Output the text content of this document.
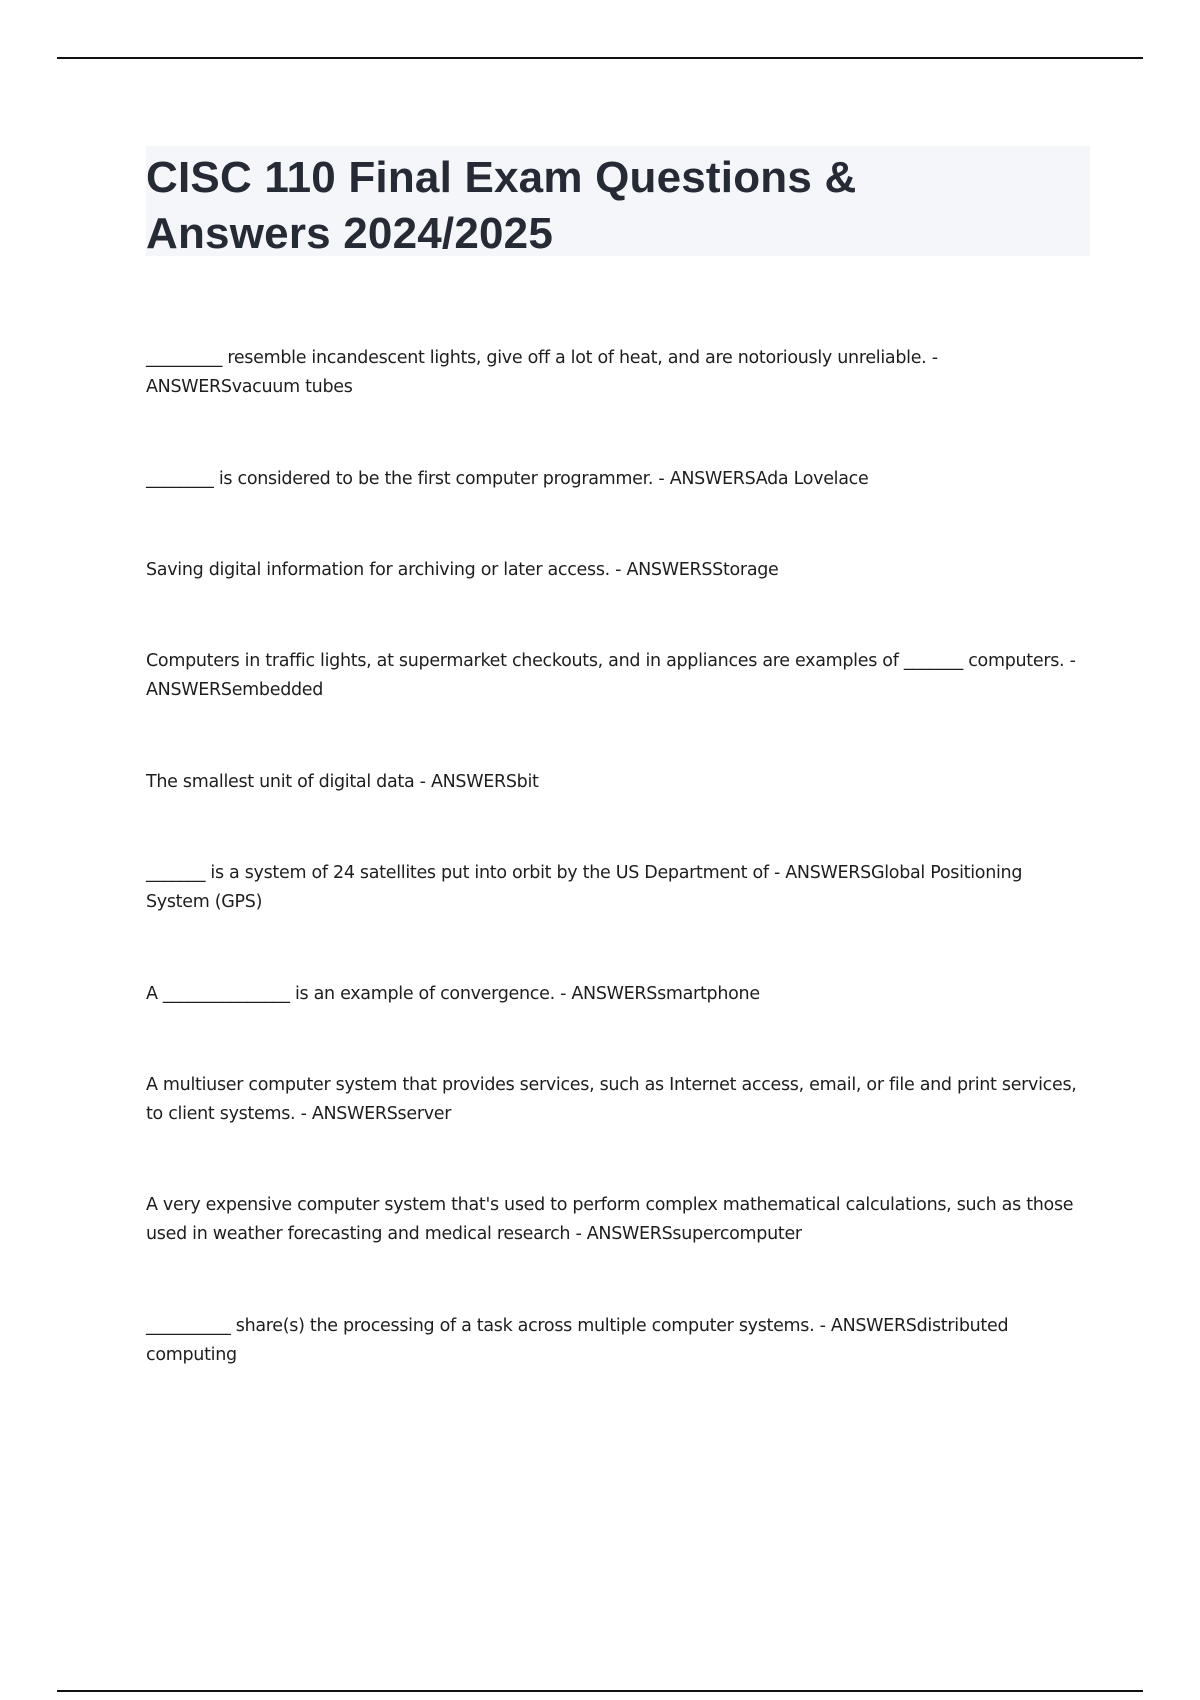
CISC 110 Final Exam Questions &
Answers 2024/2025
_________ resemble incandescent lights, give off a lot of heat, and are notoriously unreliable. - ANSWERSvacuum tubes
________ is considered to be the first computer programmer. - ANSWERSAda Lovelace
Saving digital information for archiving or later access. - ANSWERSStorage
Computers in traffic lights, at supermarket checkouts, and in appliances are examples of _______ computers. - ANSWERSembedded
The smallest unit of digital data - ANSWERSbit
_______ is a system of 24 satellites put into orbit by the US Department of - ANSWERSGlobal Positioning System (GPS)
A _______________ is an example of convergence. - ANSWERSsmartphone
A multiuser computer system that provides services, such as Internet access, email, or file and print services, to client systems. - ANSWERSserver
A very expensive computer system that's used to perform complex mathematical calculations, such as those used in weather forecasting and medical research - ANSWERSsupercomputer
__________ share(s) the processing of a task across multiple computer systems. - ANSWERSdistributed computing
